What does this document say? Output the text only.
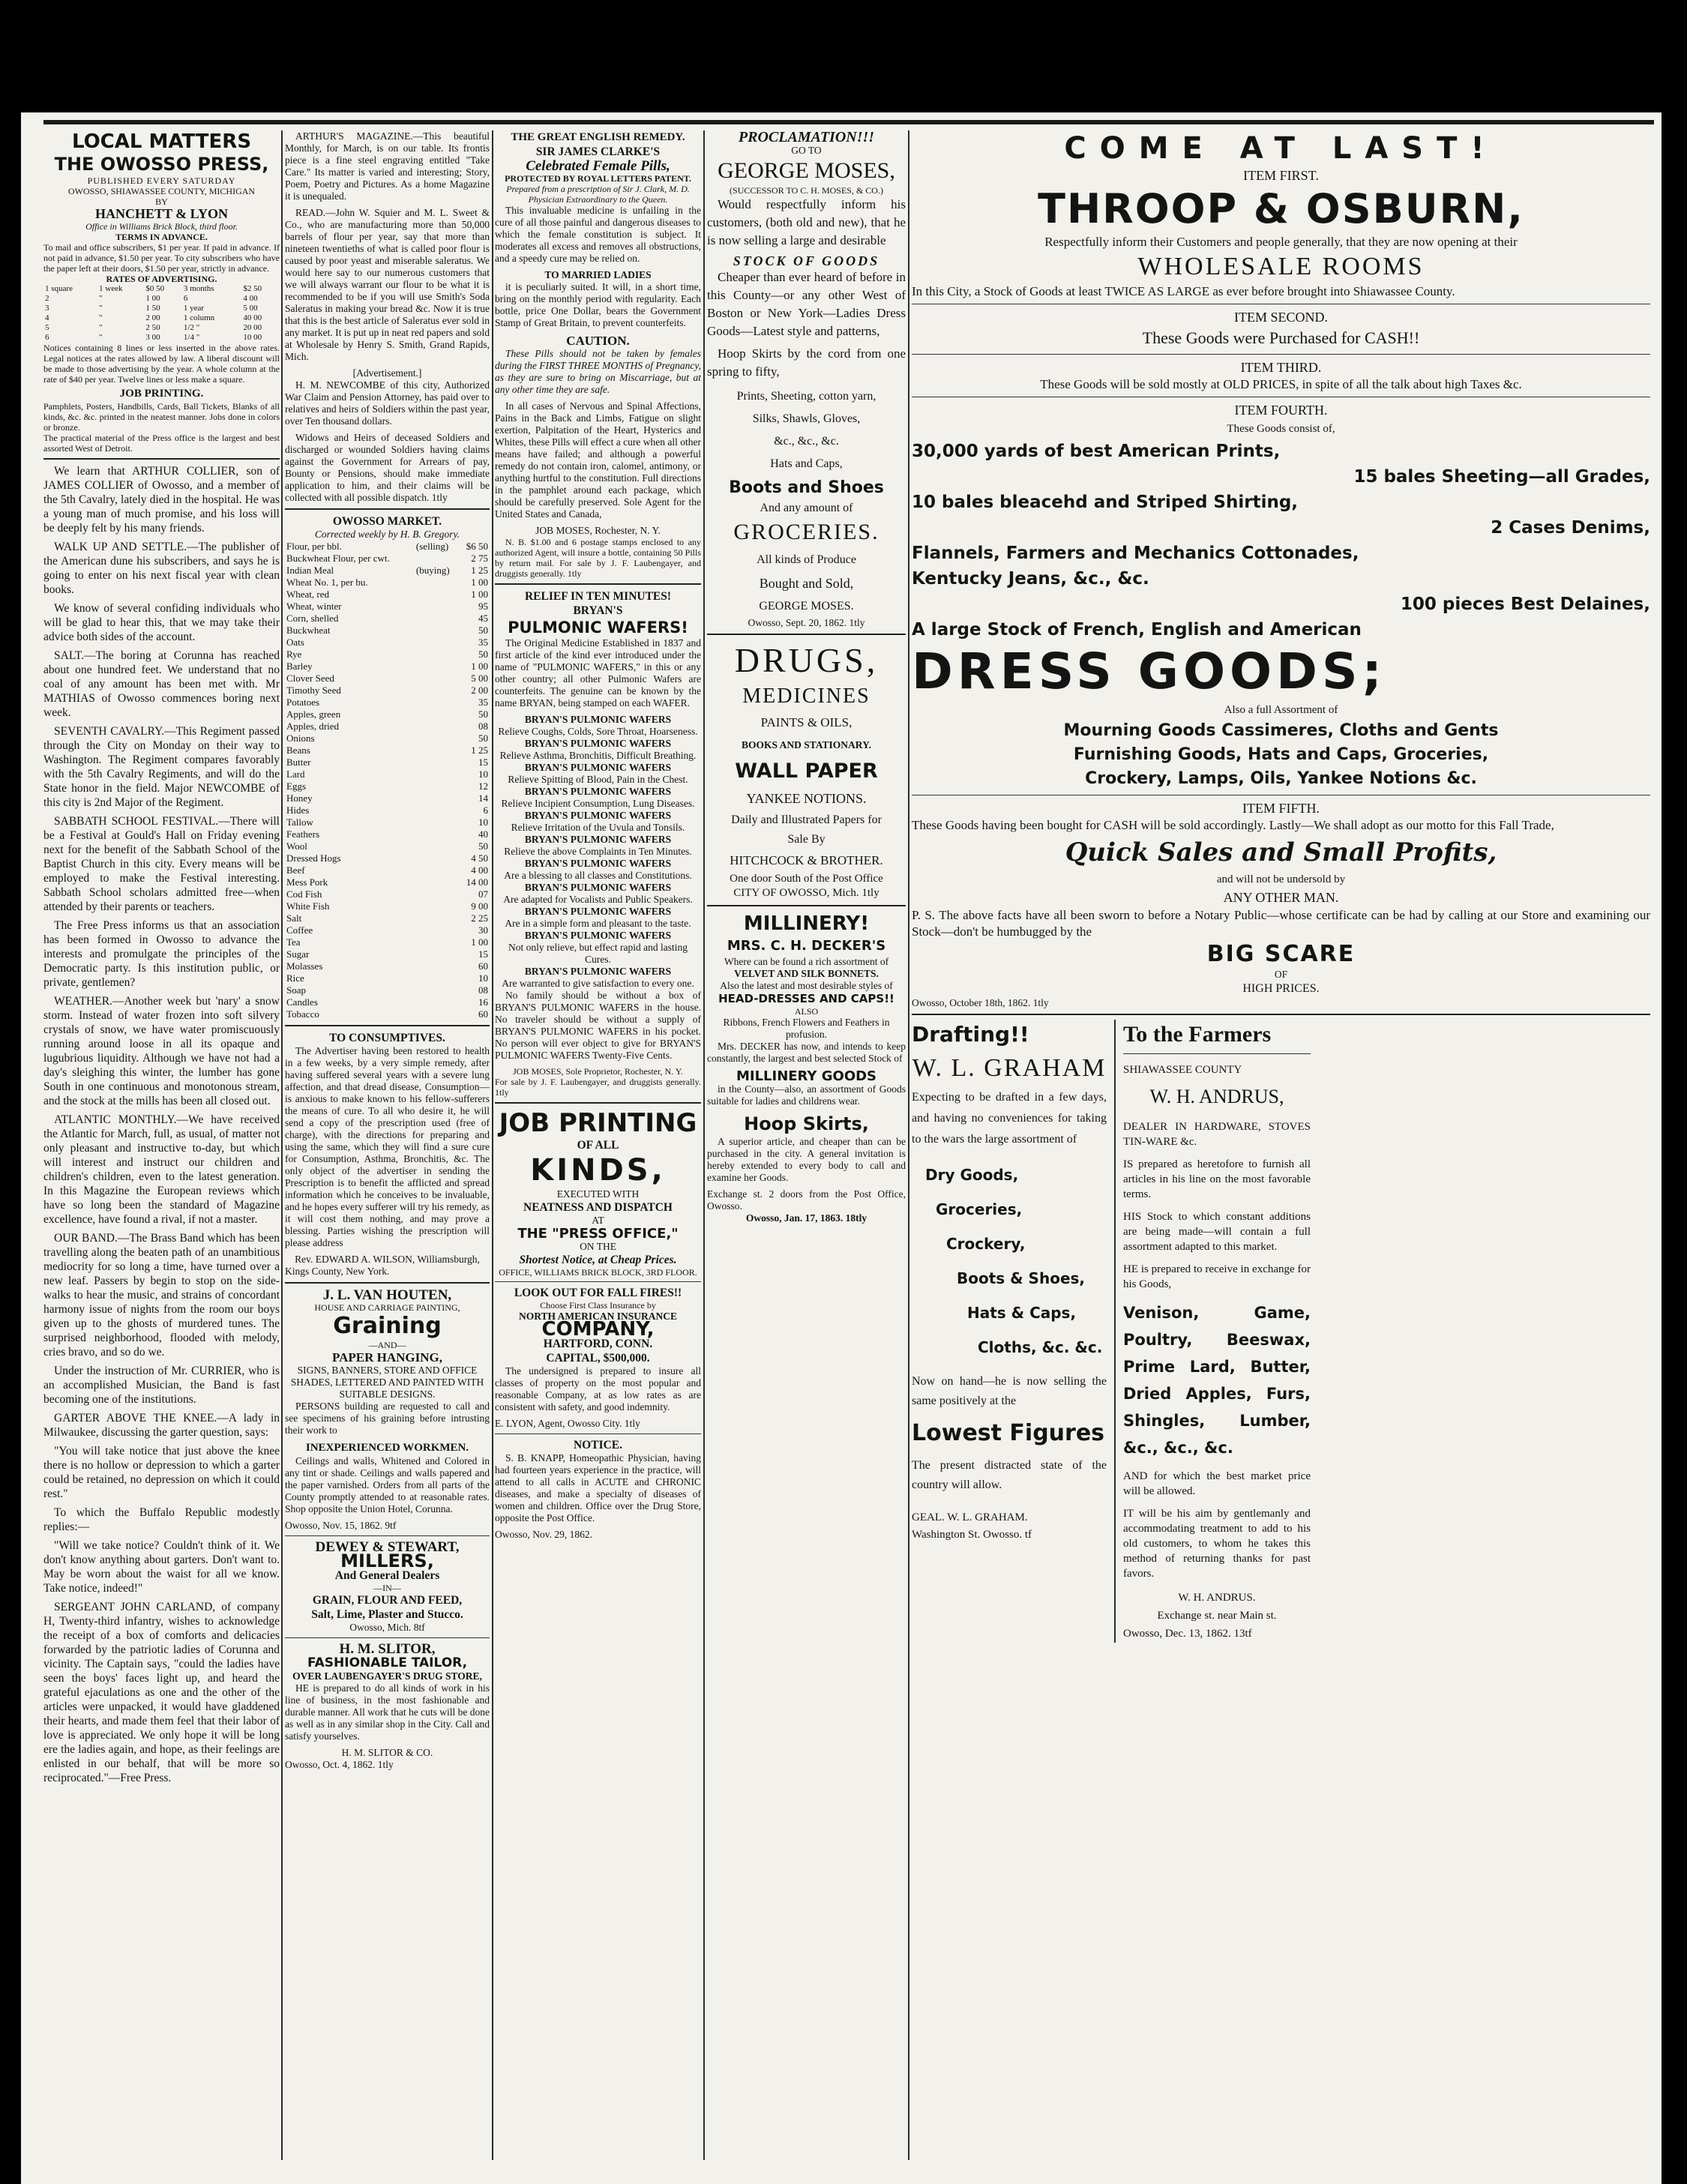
LOCAL MATTERS
THE OWOSSO PRESS,
PUBLISHED EVERY SATURDAY
OWOSSO, SHIAWASSEE COUNTY, MICHIGAN
BY
HANCHETT & LYON
Office in Williams Brick Block, third floor.
TERMS IN ADVANCE.
To mail and office subscribers, $1 per year. If paid in advance. If not paid in advance, $1.50 per year. To city subscribers who have the paper left at their doors, $1.50 per year, strictly in advance.
RATES OF ADVERTISING.
1 square	1 week	$0 50	3 months	$2 50
2	"	1 00	6	4 00
3	"	1 50	1 year	5 00
4	"	2 00	1 column	40 00
5	"	2 50	1/2 "	20 00
6	"	3 00	1/4 "	10 00
Notices containing 8 lines or less inserted in the above rates. Legal notices at the rates allowed by law. A liberal discount will be made to those advertising by the year. A whole column at the rate of $40 per year. Twelve lines or less make a square.
JOB PRINTING.
Pamphlets, Posters, Handbills, Cards, Ball Tickets, Blanks of all kinds, &c. &c. printed in the neatest manner. Jobs done in colors or bronze.
The practical material of the Press office is the largest and best assorted West of Detroit.

We learn that ARTHUR COLLIER, son of JAMES COLLIER of Owosso, and a member of the 5th Cavalry, lately died in the hospital. He was a young man of much promise, and his loss will be deeply felt by his many friends.

WALK UP AND SETTLE.—The publisher of the American dune his subscribers, and says he is going to enter on his next fiscal year with clean books.

We know of several confiding individuals who will be glad to hear this, that we may take their advice both sides of the account.

SALT.—The boring at Corunna has reached about one hundred feet. We understand that no coal of any amount has been met with. Mr MATHIAS of Owosso commences boring next week.

SEVENTH CAVALRY.—This Regiment passed through the City on Monday on their way to Washington. The Regiment compares favorably with the 5th Cavalry Regiments, and will do the State honor in the field. Major NEWCOMBE of this city is 2nd Major of the Regiment.

SABBATH SCHOOL FESTIVAL.—There will be a Festival at Gould's Hall on Friday evening next for the benefit of the Sabbath School of the Baptist Church in this city. Every means will be employed to make the Festival interesting. Sabbath School scholars admitted free—when attended by their parents or teachers.

The Free Press informs us that an association has been formed in Owosso to advance the interests and promulgate the principles of the Democratic party. Is this institution public, or private, gentlemen?

WEATHER.—Another week but 'nary' a snow storm. Instead of water frozen into soft silvery crystals of snow, we have water promiscuously running around loose in all its opaque and lugubrious liquidity. Although we have not had a day's sleighing this winter, the lumber has gone South in one continuous and monotonous stream, and the stock at the mills has been all closed out.

ATLANTIC MONTHLY.—We have received the Atlantic for March, full, as usual, of matter not only pleasant and instructive to-day, but which will interest and instruct our children and children's children, even to the latest generation. In this Magazine the European reviews which have so long been the standard of Magazine excellence, have found a rival, if not a master.

OUR BAND.—The Brass Band which has been travelling along the beaten path of an unambitious mediocrity for so long a time, have turned over a new leaf. Passers by begin to stop on the side-walks to hear the music, and strains of concordant harmony issue of nights from the room our boys given up to the ghosts of murdered tunes. The surprised neighborhood, flooded with melody, cries bravo, and so do we.

Under the instruction of Mr. CURRIER, who is an accomplished Musician, the Band is fast becoming one of the institutions.

GARTER ABOVE THE KNEE.—A lady in Milwaukee, discussing the garter question, says:

"You will take notice that just above the knee there is no hollow or depression to which a garter could be retained, no depression on which it could rest."

To which the Buffalo Republic modestly replies:—

"Will we take notice? Couldn't think of it. We don't know anything about garters. Don't want to. May be worn about the waist for all we know. Take notice, indeed!"

SERGEANT JOHN CARLAND, of company H, Twenty-third infantry, wishes to acknowledge the receipt of a box of comforts and delicacies forwarded by the patriotic ladies of Corunna and vicinity. The Captain says, "could the ladies have seen the boys' faces light up, and heard the grateful ejaculations as one and the other of the articles were unpacked, it would have gladdened their hearts, and made them feel that their labor of love is appreciated. We only hope it will be long ere the ladies again, and hope, as their feelings are enlisted in our behalf, that will be more so reciprocated."—Free Press.

ARTHUR'S MAGAZINE.—This beautiful Monthly, for March, is on our table. Its frontis piece is a fine steel engraving entitled "Take Care." Its matter is varied and interesting; Story, Poem, Poetry and Pictures. As a home Magazine it is unequaled.

READ.—John W. Squier and M. L. Sweet & Co., who are manufacturing more than 50,000 barrels of flour per year, say that more than nineteen twentieths of what is called poor flour is caused by poor yeast and miserable saleratus. We would here say to our numerous customers that we will always warrant our flour to be what it is recommended to be if you will use Smith's Soda Saleratus in making your bread &c. Now it is true that this is the best article of Saleratus ever sold in any market. It is put up in neat red papers and sold at Wholesale by Henry S. Smith, Grand Rapids, Mich.

[Advertisement.]

H. M. NEWCOMBE of this city, Authorized War Claim and Pension Attorney, has paid over to relatives and heirs of Soldiers within the past year, over Ten thousand dollars.

Widows and Heirs of deceased Soldiers and discharged or wounded Soldiers having claims against the Government for Arrears of pay, Bounty or Pensions, should make immediate application to him, and their claims will be collected with all possible dispatch. 1tly

OWOSSO MARKET.
Corrected weekly by H. B. Gregory.
Flour, per bbl.	(selling)	$6 50
Buckwheat Flour, per cwt.		2 75
Indian Meal	(buying)	1 25
Wheat No. 1, per bu.		1 00
Wheat, red		1 00
Wheat, winter		95
Corn, shelled		45
Buckwheat		50
Oats		35
Rye		50
Barley		1 00
Clover Seed		5 00
Timothy Seed		2 00
Potatoes		35
Apples, green		50
Apples, dried		08
Onions		50
Beans		1 25
Butter		15
Lard		10
Eggs		12
Honey		14
Hides		6
Tallow		10
Feathers		40
Wool		50
Dressed Hogs		4 50
Beef		4 00
Mess Pork		14 00
Cod Fish		07
White Fish		9 00
Salt		2 25
Coffee		30
Tea		1 00
Sugar		15
Molasses		60
Rice		10
Soap		08
Candles		16
Tobacco		60
TO CONSUMPTIVES.

The Advertiser having been restored to health in a few weeks, by a very simple remedy, after having suffered several years with a severe lung affection, and that dread disease, Consumption—is anxious to make known to his fellow-sufferers the means of cure. To all who desire it, he will send a copy of the prescription used (free of charge), with the directions for preparing and using the same, which they will find a sure cure for Consumption, Asthma, Bronchitis, &c. The only object of the advertiser in sending the Prescription is to benefit the afflicted and spread information which he conceives to be invaluable, and he hopes every sufferer will try his remedy, as it will cost them nothing, and may prove a blessing. Parties wishing the prescription will please address

Rev. EDWARD A. WILSON, Williamsburgh,
Kings County, New York.
J. L. VAN HOUTEN,
HOUSE AND CARRIAGE PAINTING,
Graining
—AND—
PAPER HANGING,
SIGNS, BANNERS, STORE AND OFFICE SHADES, LETTERED AND PAINTED WITH SUITABLE DESIGNS.

PERSONS building are requested to call and see specimens of his graining before intrusting their work to

INEXPERIENCED WORKMEN.

Ceilings and walls, Whitened and Colored in any tint or shade. Ceilings and walls papered and the paper varnished. Orders from all parts of the County promptly attended to at reasonable rates. Shop opposite the Union Hotel, Corunna.

Owosso, Nov. 15, 1862. 9tf
DEWEY & STEWART,
MILLERS,
And General Dealers
—IN—
GRAIN, FLOUR AND FEED,
Salt, Lime, Plaster and Stucco.
Owosso, Mich. 8tf
H. M. SLITOR,
FASHIONABLE TAILOR,
OVER LAUBENGAYER'S DRUG STORE,

HE is prepared to do all kinds of work in his line of business, in the most fashionable and durable manner. All work that he cuts will be done as well as in any similar shop in the City. Call and satisfy yourselves.

H. M. SLITOR & CO.
Owosso, Oct. 4, 1862. 1tly
THE GREAT ENGLISH REMEDY.
SIR JAMES CLARKE'S
Celebrated Female Pills,
PROTECTED BY ROYAL LETTERS PATENT.
Prepared from a prescription of Sir J. Clark, M. D. Physician Extraordinary to the Queen.

This invaluable medicine is unfailing in the cure of all those painful and dangerous diseases to which the female constitution is subject. It moderates all excess and removes all obstructions, and a speedy cure may be relied on.

TO MARRIED LADIES

it is peculiarly suited. It will, in a short time, bring on the monthly period with regularity. Each bottle, price One Dollar, bears the Government Stamp of Great Britain, to prevent counterfeits.

CAUTION.

These Pills should not be taken by females during the FIRST THREE MONTHS of Pregnancy, as they are sure to bring on Miscarriage, but at any other time they are safe.

In all cases of Nervous and Spinal Affections, Pains in the Back and Limbs, Fatigue on slight exertion, Palpitation of the Heart, Hysterics and Whites, these Pills will effect a cure when all other means have failed; and although a powerful remedy do not contain iron, calomel, antimony, or anything hurtful to the constitution. Full directions in the pamphlet around each package, which should be carefully preserved. Sole Agent for the United States and Canada,

JOB MOSES, Rochester, N. Y.

N. B. $1.00 and 6 postage stamps enclosed to any authorized Agent, will insure a bottle, containing 50 Pills by return mail. For sale by J. F. Laubengayer, and druggists generally. 1tly

RELIEF IN TEN MINUTES!
BRYAN'S
PULMONIC WAFERS!

The Original Medicine Established in 1837 and first article of the kind ever introduced under the name of "PULMONIC WAFERS," in this or any other country; all other Pulmonic Wafers are counterfeits. The genuine can be known by the name BRYAN, being stamped on each WAFER.

BRYAN'S PULMONIC WAFERS
Relieve Coughs, Colds, Sore Throat, Hoarseness.
BRYAN'S PULMONIC WAFERS
Relieve Asthma, Bronchitis, Difficult Breathing.
BRYAN'S PULMONIC WAFERS
Relieve Spitting of Blood, Pain in the Chest.
BRYAN'S PULMONIC WAFERS
Relieve Incipient Consumption, Lung Diseases.
BRYAN'S PULMONIC WAFERS
Relieve Irritation of the Uvula and Tonsils.
BRYAN'S PULMONIC WAFERS
Relieve the above Complaints in Ten Minutes.
BRYAN'S PULMONIC WAFERS
Are a blessing to all classes and Constitutions.
BRYAN'S PULMONIC WAFERS
Are adapted for Vocalists and Public Speakers.
BRYAN'S PULMONIC WAFERS
Are in a simple form and pleasant to the taste.
BRYAN'S PULMONIC WAFERS
Not only relieve, but effect rapid and lasting Cures.
BRYAN'S PULMONIC WAFERS
Are warranted to give satisfaction to every one.

No family should be without a box of BRYAN'S PULMONIC WAFERS in the house. No traveler should be without a supply of BRYAN'S PULMONIC WAFERS in his pocket. No person will ever object to give for BRYAN'S PULMONIC WAFERS Twenty-Five Cents.

JOB MOSES, Sole Proprietor, Rochester, N. Y.
For sale by J. F. Laubengayer, and druggists generally. 1tly
JOB PRINTING
OF ALL
KINDS,
EXECUTED WITH
NEATNESS AND DISPATCH
AT
THE "PRESS OFFICE,"
ON THE
Shortest Notice, at Cheap Prices.
OFFICE, WILLIAMS BRICK BLOCK, 3RD FLOOR.
LOOK OUT FOR FALL FIRES!!
Choose First Class Insurance by
NORTH AMERICAN INSURANCE
COMPANY,
HARTFORD, CONN.
CAPITAL, $500,000.

The undersigned is prepared to insure all classes of property on the most popular and reasonable Company, at as low rates as are consistent with safety, and good indemnity.

E. LYON, Agent, Owosso City. 1tly
NOTICE.

S. B. KNAPP, Homeopathic Physician, having had fourteen years experience in the practice, will attend to all calls in ACUTE and CHRONIC diseases, and make a specialty of diseases of women and children. Office over the Drug Store, opposite the Post Office.

Owosso, Nov. 29, 1862.
PROCLAMATION!!!
GO TO
GEORGE MOSES,
(SUCCESSOR TO C. H. MOSES, & CO.)

Would respectfully inform his customers, (both old and new), that he is now selling a large and desirable

STOCK OF GOODS

Cheaper than ever heard of before in this County—or any other West of Boston or New York—Ladies Dress Goods—Latest style and patterns,

Hoop Skirts by the cord from one spring to fifty,

Prints, Sheeting, cotton yarn,
Silks, Shawls, Gloves,
&c., &c., &c.
Hats and Caps,
Boots and Shoes
And any amount of
GROCERIES.
All kinds of Produce
Bought and Sold,
GEORGE MOSES.
Owosso, Sept. 20, 1862. 1tly
DRUGS,
MEDICINES
PAINTS & OILS,
BOOKS AND STATIONARY.
WALL PAPER
YANKEE NOTIONS.
Daily and Illustrated Papers for
Sale By
HITCHCOCK & BROTHER.
One door South of the Post Office
CITY OF OWOSSO, Mich. 1tly
MILLINERY!
MRS. C. H. DECKER'S
Where can be found a rich assortment of
VELVET AND SILK BONNETS.
Also the latest and most desirable styles of
HEAD-DRESSES AND CAPS!!
ALSO
Ribbons, French Flowers and Feathers in profusion.

Mrs. DECKER has now, and intends to keep constantly, the largest and best selected Stock of

MILLINERY GOODS

in the County—also, an assortment of Goods suitable for ladies and childrens wear.

Hoop Skirts,

A superior article, and cheaper than can be purchased in the city. A general invitation is hereby extended to every body to call and examine her Goods.

Exchange st. 2 doors from the Post Office, Owosso.
Owosso, Jan. 17, 1863. 18tly
COME AT LAST!
ITEM FIRST.
THROOP & OSBURN,
Respectfully inform their Customers and people generally, that they are now opening at their
WHOLESALE ROOMS
In this City, a Stock of Goods at least TWICE AS LARGE as ever before brought into Shiawassee County.
ITEM SECOND.
These Goods were Purchased for CASH!!
ITEM THIRD.
These Goods will be sold mostly at OLD PRICES, in spite of all the talk about high Taxes &c.
ITEM FOURTH.
These Goods consist of,
30,000 yards of best American Prints,
15 bales Sheeting—all Grades,
10 bales bleacehd and Striped Shirting,
2 Cases Denims,
Flannels, Farmers and Mechanics Cottonades,
Kentucky Jeans, &c., &c.
100 pieces Best Delaines,
A large Stock of French, English and American
DRESS GOODS;
Also a full Assortment of
Mourning Goods Cassimeres, Cloths and Gents
Furnishing Goods, Hats and Caps, Groceries,
Crockery, Lamps, Oils, Yankee Notions &c.
ITEM FIFTH.
These Goods having been bought for CASH will be sold accordingly. Lastly—We shall adopt as our motto for this Fall Trade,
Quick Sales and Small Profits,
and will not be undersold by
ANY OTHER MAN.
P. S. The above facts have all been sworn to before a Notary Public—whose certificate can be had by calling at our Store and examining our Stock—don't be humbugged by the
BIG SCARE
OF
HIGH PRICES.
Owosso, October 18th, 1862. 1tly
Drafting!!
W. L. GRAHAM
Expecting to be drafted in a few days, and having no conveniences for taking to the wars the large assortment of
Dry Goods,
Groceries,
Crockery,
Boots & Shoes,
Hats & Caps,
Cloths, &c. &c.
Now on hand—he is now selling the same positively at the
Lowest Figures
The present distracted state of the country will allow.
GEAL. W. L. GRAHAM.
Washington St. Owosso. tf
To the Farmers
SHIAWASSEE COUNTY
W. H. ANDRUS,
DEALER IN HARDWARE, STOVES TIN-WARE &c.
IS prepared as heretofore to furnish all articles in his line on the most favorable terms.
HIS Stock to which constant additions are being made—will contain a full assortment adapted to this market.
HE is prepared to receive in exchange for his Goods,
Venison, Game, Poultry, Beeswax, Prime Lard, Butter, Dried Apples, Furs, Shingles, Lumber, &c., &c., &c.
AND for which the best market price will be allowed.
IT will be his aim by gentlemanly and accommodating treatment to add to his old customers, to whom he takes this method of returning thanks for past favors.
W. H. ANDRUS.
Exchange st. near Main st.
Owosso, Dec. 13, 1862. 13tf
